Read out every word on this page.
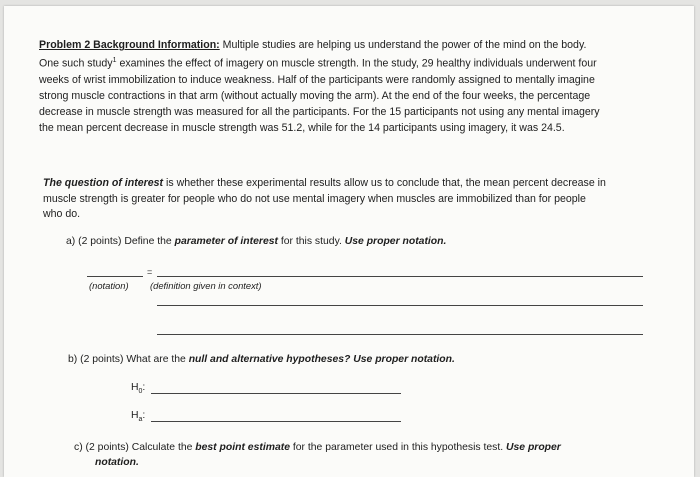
Problem 2 Background Information: Multiple studies are helping us understand the power of the mind on the body.
One such study$^1$ examines the effect of imagery on muscle strength. In the study, 29 healthy individuals underwent four
weeks of wrist immobilization to induce weakness. Half of the participants were randomly assigned to mentally imagine
strong muscle contractions in that arm (without actually moving the arm). At the end of the four weeks, the percentage
decrease in muscle strength was measured for all the participants. For the 15 participants not using any mental imagery
the mean percent decrease in muscle strength was 51.2, while for the 14 participants using imagery, it was 24.5.
The question of interest is whether these experimental results allow us to conclude that, the mean percent decrease in
muscle strength is greater for people who do not use mental imagery when muscles are immobilized than for people
who do.
a) (2 points) Define the parameter of interest for this study. Use proper notation.
=
(notation) (definition given in context)
b) (2 points) What are the null and alternative hypotheses? Use proper notation.
$H_0$:
$H_a$:
c) (2 points) Calculate the best point estimate for the parameter used in this hypothesis test. Use proper
notation.
